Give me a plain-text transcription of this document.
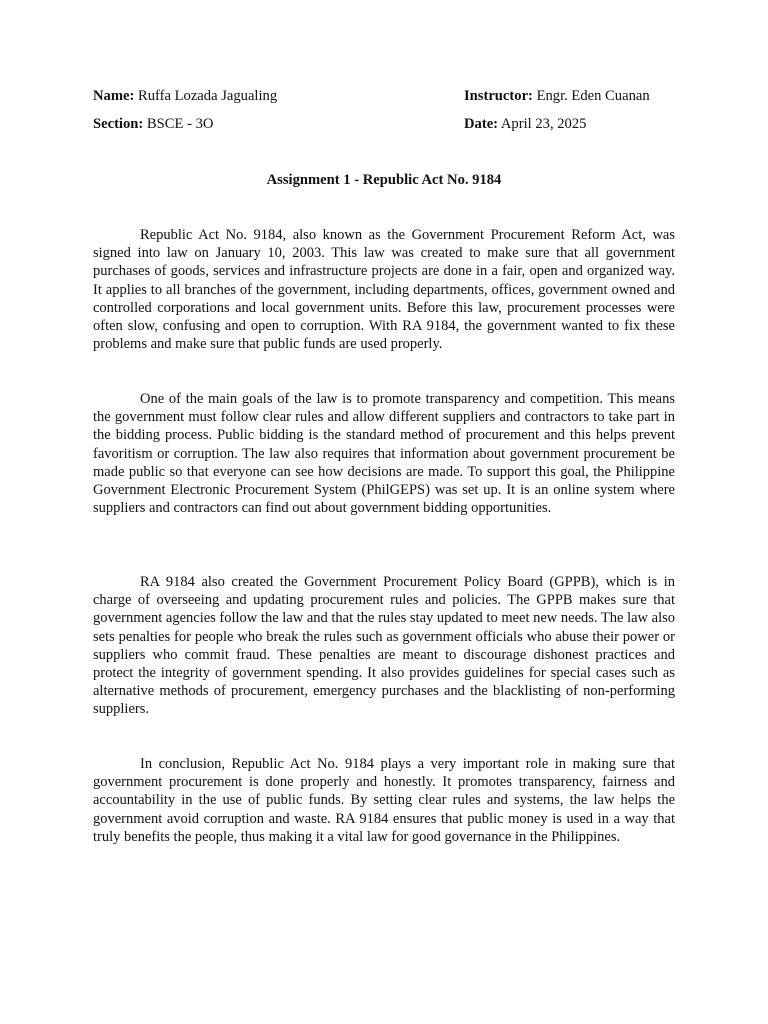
Name: Ruffa Lozada Jagualing	Instructor: Engr. Eden Cuanan
Section: BSCE - 3O	Date: April 23, 2025
Assignment 1 - Republic Act No. 9184

Republic Act No. 9184, also known as the Government Procurement Reform Act, was signed into law on January 10, 2003. This law was created to make sure that all government purchases of goods, services and infrastructure projects are done in a fair, open and organized way. It applies to all branches of the government, including departments, offices, government owned and controlled corporations and local government units. Before this law, procurement processes were often slow, confusing and open to corruption. With RA 9184, the government wanted to fix these problems and make sure that public funds are used properly.

One of the main goals of the law is to promote transparency and competition. This means the government must follow clear rules and allow different suppliers and contractors to take part in the bidding process. Public bidding is the standard method of procurement and this helps prevent favoritism or corruption. The law also requires that information about government procurement be made public so that everyone can see how decisions are made. To support this goal, the Philippine Government Electronic Procurement System (PhilGEPS) was set up. It is an online system where suppliers and contractors can find out about government bidding opportunities.

RA 9184 also created the Government Procurement Policy Board (GPPB), which is in charge of overseeing and updating procurement rules and policies. The GPPB makes sure that government agencies follow the law and that the rules stay updated to meet new needs. The law also sets penalties for people who break the rules such as government officials who abuse their power or suppliers who commit fraud. These penalties are meant to discourage dishonest practices and protect the integrity of government spending. It also provides guidelines for special cases such as alternative methods of procurement, emergency purchases and the blacklisting of non-performing suppliers.

In conclusion, Republic Act No. 9184 plays a very important role in making sure that government procurement is done properly and honestly. It promotes transparency, fairness and accountability in the use of public funds. By setting clear rules and systems, the law helps the government avoid corruption and waste. RA 9184 ensures that public money is used in a way that truly benefits the people, thus making it a vital law for good governance in the Philippines.
